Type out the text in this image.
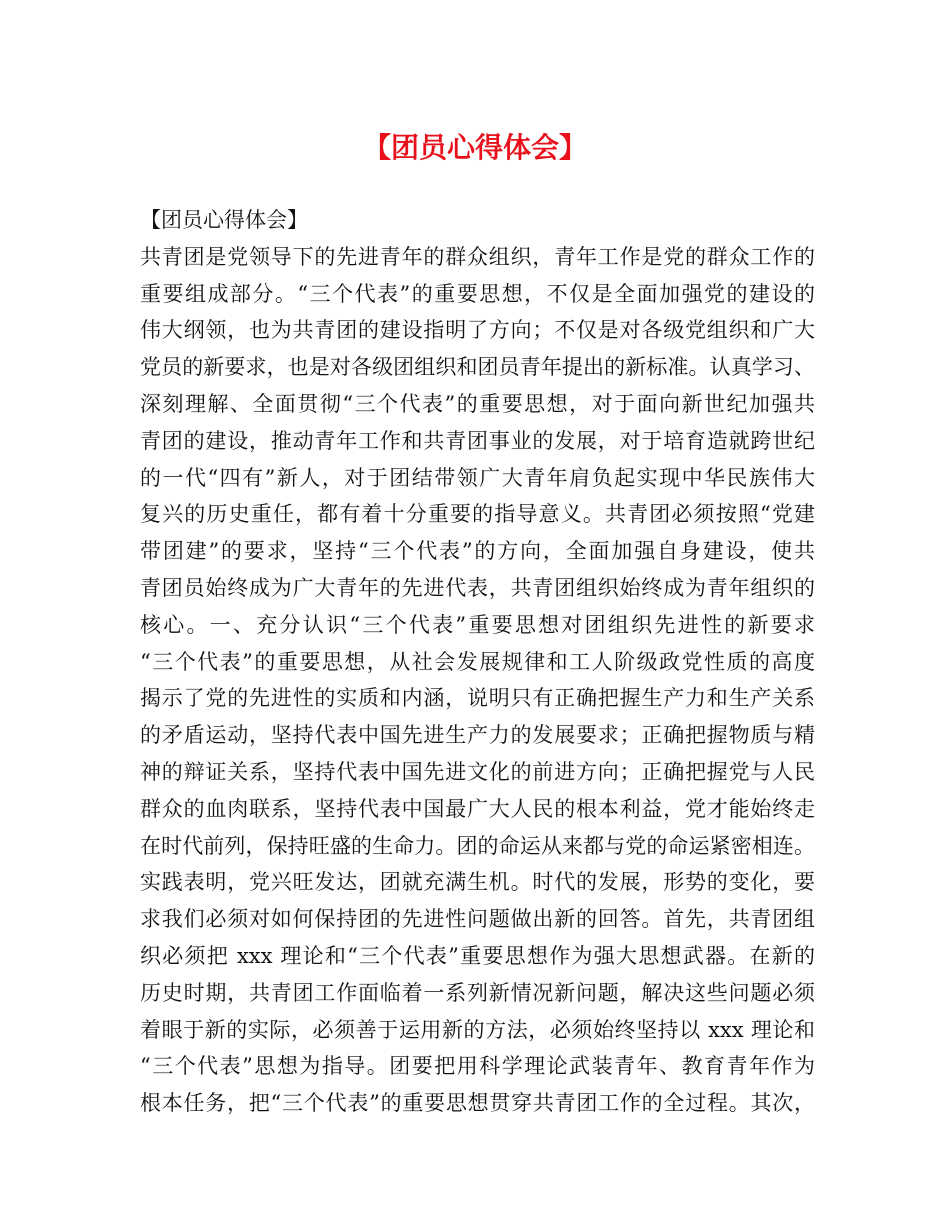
【团员心得体会】
【团员心得体会】
共青团是党领导下的先进青年的群众组织，青年工作是党的群众工作的
重要组成部分。“三个代表”的重要思想，不仅是全面加强党的建设的
伟大纲领，也为共青团的建设指明了方向；不仅是对各级党组织和广大
党员的新要求，也是对各级团组织和团员青年提出的新标准。认真学习、
深刻理解、全面贯彻“三个代表”的重要思想，对于面向新世纪加强共
青团的建设，推动青年工作和共青团事业的发展，对于培育造就跨世纪
的一代“四有”新人，对于团结带领广大青年肩负起实现中华民族伟大
复兴的历史重任，都有着十分重要的指导意义。共青团必须按照“党建
带团建”的要求，坚持“三个代表”的方向，全面加强自身建设，使共
青团员始终成为广大青年的先进代表，共青团组织始终成为青年组织的
核心。一、充分认识“三个代表”重要思想对团组织先进性的新要求
“三个代表”的重要思想，从社会发展规律和工人阶级政党性质的高度
揭示了党的先进性的实质和内涵，说明只有正确把握生产力和生产关系
的矛盾运动，坚持代表中国先进生产力的发展要求；正确把握物质与精
神的辩证关系，坚持代表中国先进文化的前进方向；正确把握党与人民
群众的血肉联系，坚持代表中国最广大人民的根本利益，党才能始终走
在时代前列，保持旺盛的生命力。团的命运从来都与党的命运紧密相连。
实践表明，党兴旺发达，团就充满生机。时代的发展，形势的变化，要
求我们必须对如何保持团的先进性问题做出新的回答。首先，共青团组
织必须把 xxx 理论和“三个代表”重要思想作为强大思想武器。在新的
历史时期，共青团工作面临着一系列新情况新问题，解决这些问题必须
着眼于新的实际，必须善于运用新的方法，必须始终坚持以 xxx 理论和
“三个代表”思想为指导。团要把用科学理论武装青年、教育青年作为
根本任务，把“三个代表”的重要思想贯穿共青团工作的全过程。其次，
